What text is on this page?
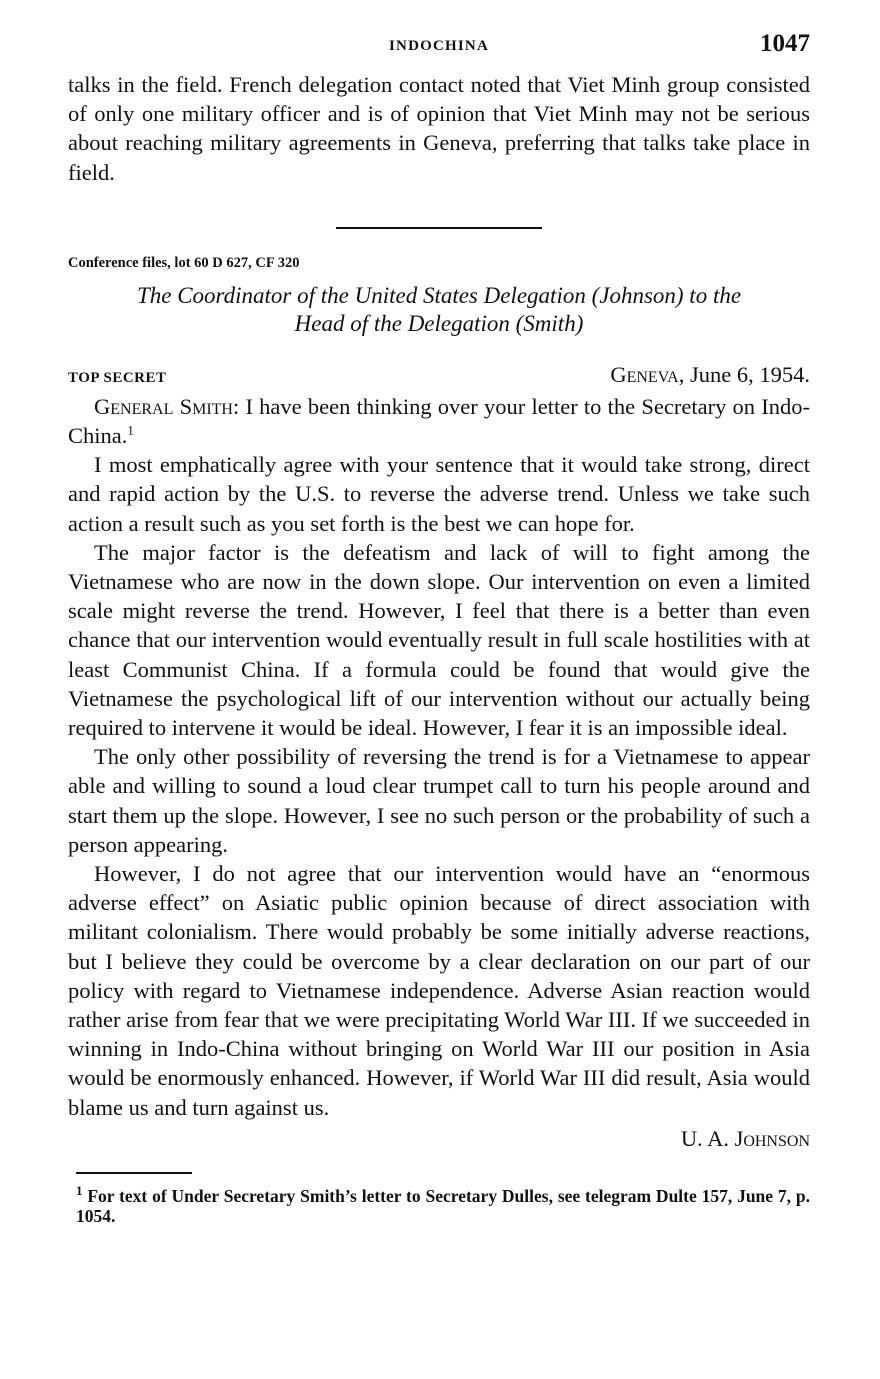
INDOCHINA	1047

talks in the field. French delegation contact noted that Viet Minh group consisted of only one military officer and is of opinion that Viet Minh may not be serious about reaching military agreements in Geneva, preferring that talks take place in field.

Conference files, lot 60 D 627, CF 320

The Coordinator of the United States Delegation (Johnson) to the
Head of the Delegation (Smith)
TOP SECRET	Geneva, June 6, 1954.

General Smith: I have been thinking over your letter to the Secretary on Indo-China.$^1$

I most emphatically agree with your sentence that it would take strong, direct and rapid action by the U.S. to reverse the adverse trend. Unless we take such action a result such as you set forth is the best we can hope for.

The major factor is the defeatism and lack of will to fight among the Vietnamese who are now in the down slope. Our intervention on even a limited scale might reverse the trend. However, I feel that there is a better than even chance that our intervention would eventually result in full scale hostilities with at least Communist China. If a formula could be found that would give the Vietnamese the psychological lift of our intervention without our actually being required to intervene it would be ideal. However, I fear it is an impossible ideal.

The only other possibility of reversing the trend is for a Vietnamese to appear able and willing to sound a loud clear trumpet call to turn his people around and start them up the slope. However, I see no such person or the probability of such a person appearing.

However, I do not agree that our intervention would have an “enormous adverse effect” on Asiatic public opinion because of direct association with militant colonialism. There would probably be some initially adverse reactions, but I believe they could be overcome by a clear declaration on our part of our policy with regard to Vietnamese independence. Adverse Asian reaction would rather arise from fear that we were precipitating World War III. If we succeeded in winning in Indo-China without bringing on World War III our position in Asia would be enormously enhanced. However, if World War III did result, Asia would blame us and turn against us.

U. A. Johnson

$^1$ For text of Under Secretary Smith’s letter to Secretary Dulles, see telegram Dulte 157, June 7, p. 1054.
